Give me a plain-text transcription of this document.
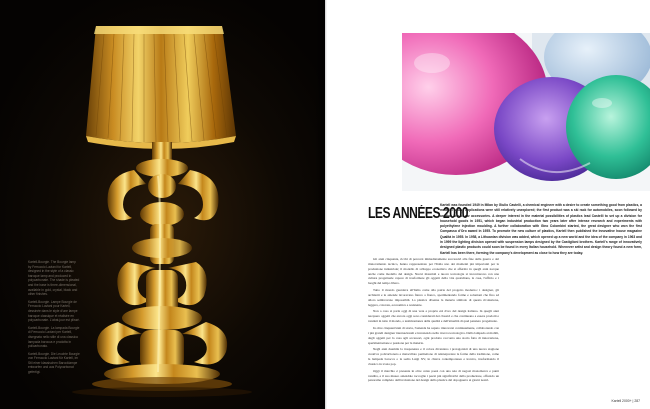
Kartell-Bourgie. The Bourgie lamp by Ferruccio Laviani for Kartell, designed in the style of a classic baroque lamp and produced in polycarbonate. The shade is pleated and the base is three-dimensional, available in gold, crystal, black and other finishes.

Kartell-Bourgie. Lampe Bourgie de Ferruccio Laviani pour Kartell, dessinée dans le style d'une lampe baroque classique et réalisée en polycarbonate. L'abat-jour est plissé.

Kartell-Bourgie. La lampada Bourgie di Ferruccio Laviani per Kartell, disegnata nello stile di una classica lampada barocca e prodotta in policarbonato.

Kartell-Bourgie. Die Leuchte Bourgie von Ferruccio Laviani für Kartell, im Stil einer klassischen Barocklampe entworfen und aus Polycarbonat gefertigt.

LES ANNÉES 2000

Kartell was founded 1949 in Milan by Giulio Castelli, a chemical engineer with a desire to create something good from plastics, a material whose applications were still relatively unexplored; the first product was a ski rack for automobiles, soon followed by another line of car accessories. A deeper interest in the material possibilities of plastics lead Castelli to set up a division for household goods in 1951, which began industrial production two years later after intense research and experiments with polyethylene injection moulding. A further collaboration with Gino Colombini started, the great designer who won the first Compasso d'Oro award in 1955. To promote the new culture of plastics, Kartell then published the innovative house magazine Qualità in 1955. In 1958, a Lithuanian division was added, which opened up a new world and the idea of the company in 1963 and in 1999 the lighting division opened with suspension lamps designed by the Castiglioni brothers. Kartell's range of innovatively designed plastic products could soon be found in every Italian household. Whenever artist and design theory found a new form, Kartell has been there, forming the company's development as close to how they are today.

Gli anni cinquanta, ricchi di percorsi immediatamente successivi alla fine della guerra e del rinnovamento tecnico, hanno rappresentato per l'Italia uno dei momenti più importanti per la produzione industriale; il modello di sviluppo economico che si affermò in quegli anni nacque anche come modello del design. Nuovi materiali e nuove tecnologie si incontrarono con una cultura progettuale capace di trasformare gli oggetti della vita quotidiana, la casa, l'ufficio e i luoghi del tempo libero.

Tutto il mondo guardava all'Italia come alla patria del progetto moderno: i designer, gli architetti e le aziende lavoravano fianco a fianco, sperimentando forme e soluzioni che fino ad allora sembravano impossibili. La plastica divenne la materia simbolo di questa rivoluzione, leggera, colorata, economica e resistente.

Non a caso si parla oggi di una vera e propria età d'oro del design italiano. In quegli anni nacquero oggetti che ancora oggi sono considerati dei classici e che continuano a essere prodotti e venduti in tutto il mondo, a testimonianza della qualità e dell'attualità di quel pensiero progettuale.

In oltre cinquant'anni di storia, l'azienda ha saputo rinnovarsi continuamente, collaborando con i più grandi designer internazionali e investendo nella ricerca tecnologica. Dalla lampada ai mobili, dagli oggetti per la casa agli accessori, ogni prodotto racconta una storia fatta di innovazione, sperimentazione e passione per la materia.

Negli anni duemila la trasparenza e il colore diventano i protagonisti di una nuova stagione creativa: policarbonato e metacrilato permettono di reinterpretare le forme della tradizione, come la lampada barocca o la sedia Luigi XV, in chiave contemporanea e ironica, trasformando il classico in icona pop.

Oggi il marchio è presente in oltre cento paesi con una rete di negozi monomarca e punti vendita, e il suo museo aziendale raccoglie i pezzi più significativi della produzione, offrendo un panorama completo dell'evoluzione del design della plastica dal dopoguerra ai giorni nostri.

Kartell 2000+ | 287
